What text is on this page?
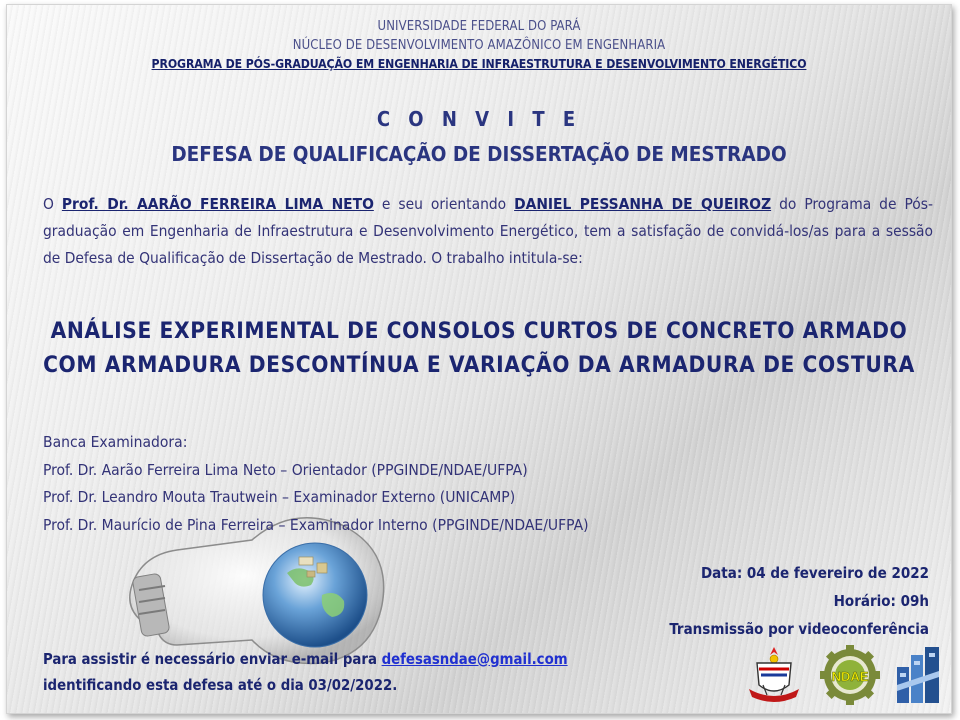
UNIVERSIDADE FEDERAL DO PARÁ
NÚCLEO DE DESENVOLVIMENTO AMAZÔNICO EM ENGENHARIA
PROGRAMA DE PÓS-GRADUAÇÃO EM ENGENHARIA DE INFRAESTRUTURA E DESENVOLVIMENTO ENERGÉTICO
C O N V I T E
DEFESA DE QUALIFICAÇÃO DE DISSERTAÇÃO DE MESTRADO
O Prof. Dr. AARÃO FERREIRA LIMA NETO e seu orientando DANIEL PESSANHA DE QUEIROZ do Programa de Pós-graduação em Engenharia de Infraestrutura e Desenvolvimento Energético, tem a satisfação de convidá-los/as para a sessão de Defesa de Qualificação de Dissertação de Mestrado. O trabalho intitula-se:
ANÁLISE EXPERIMENTAL DE CONSOLOS CURTOS DE CONCRETO ARMADO
COM ARMADURA DESCONTÍNUA E VARIAÇÃO DA ARMADURA DE COSTURA
Banca Examinadora:
Prof. Dr. Aarão Ferreira Lima Neto – Orientador (PPGINDE/NDAE/UFPA)
Prof. Dr. Leandro Mouta Trautwein – Examinador Externo (UNICAMP)
Prof. Dr. Maurício de Pina Ferreira – Examinador Interno (PPGINDE/NDAE/UFPA)
Data: 04 de fevereiro de 2022
Horário: 09h
Transmissão por videoconferência
Para assistir é necessário enviar e-mail para defesasndae@gmail.com
identificando esta defesa até o dia 03/02/2022.
NDAE
